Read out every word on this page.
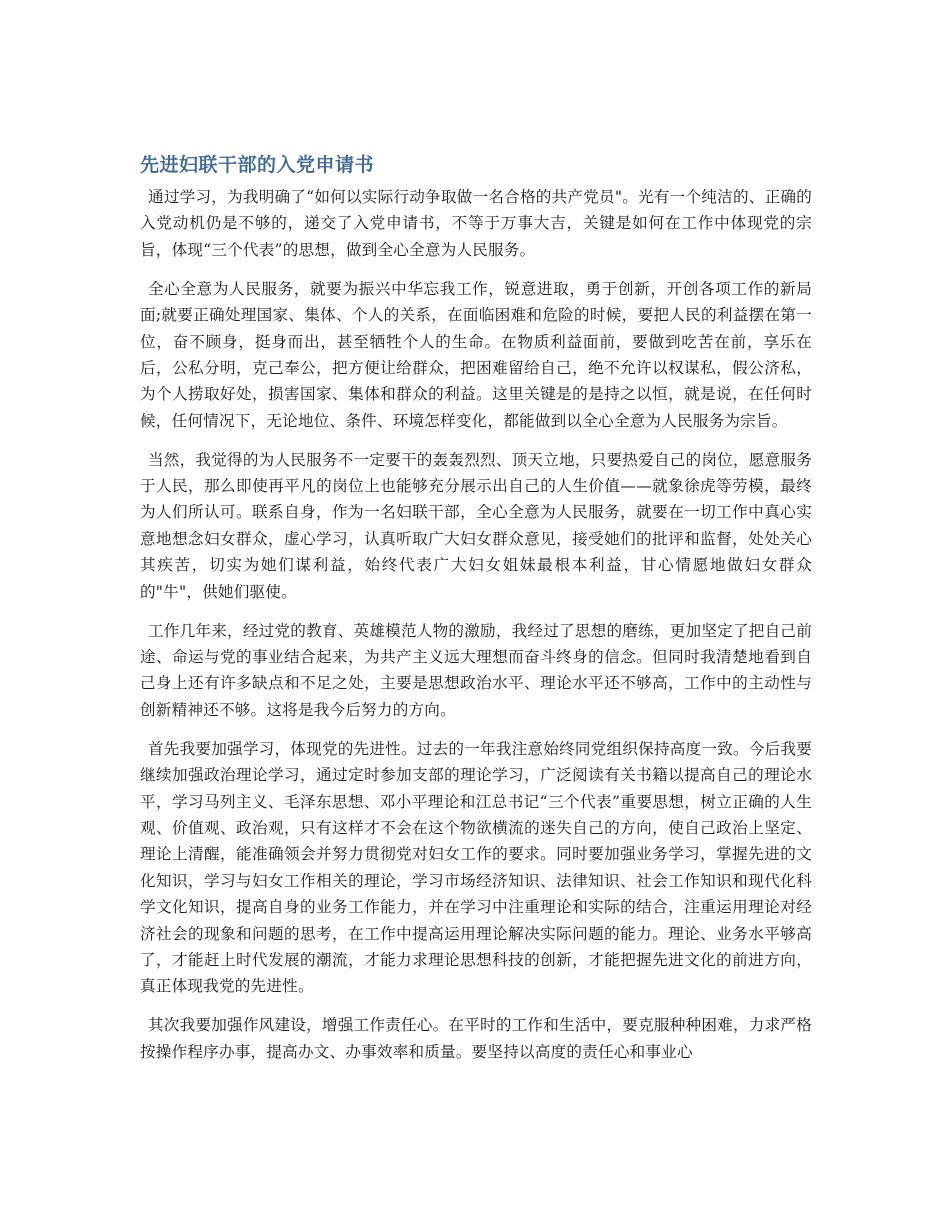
先进妇联干部的入党申请书

通过学习，为我明确了“如何以实际行动争取做一名合格的共产党员"。光有一个纯洁的、正确的入党动机仍是不够的，递交了入党申请书，不等于万事大吉，关键是如何在工作中体现党的宗旨，体现“三个代表”的思想，做到全心全意为人民服务。

全心全意为人民服务，就要为振兴中华忘我工作，锐意进取，勇于创新，开创各项工作的新局面;就要正确处理国家、集体、个人的关系，在面临困难和危险的时候，要把人民的利益摆在第一位，奋不顾身，挺身而出，甚至牺牲个人的生命。在物质利益面前，要做到吃苦在前，享乐在后，公私分明，克己奉公，把方便让给群众，把困难留给自己，绝不允许以权谋私，假公济私，为个人捞取好处，损害国家、集体和群众的利益。这里关键是的是持之以恒，就是说，在任何时候，任何情况下，无论地位、条件、环境怎样变化，都能做到以全心全意为人民服务为宗旨。

当然，我觉得的为人民服务不一定要干的轰轰烈烈、顶天立地，只要热爱自己的岗位，愿意服务于人民，那么即使再平凡的岗位上也能够充分展示出自己的人生价值——就象徐虎等劳模，最终为人们所认可。联系自身，作为一名妇联干部，全心全意为人民服务，就要在一切工作中真心实意地想念妇女群众，虚心学习，认真听取广大妇女群众意见，接受她们的批评和监督，处处关心其疾苦，切实为她们谋利益，始终代表广大妇女姐妹最根本利益，甘心情愿地做妇女群众的"牛"，供她们驱使。

工作几年来，经过党的教育、英雄模范人物的激励，我经过了思想的磨练，更加坚定了把自己前途、命运与党的事业结合起来，为共产主义远大理想而奋斗终身的信念。但同时我清楚地看到自己身上还有许多缺点和不足之处，主要是思想政治水平、理论水平还不够高，工作中的主动性与创新精神还不够。这将是我今后努力的方向。

首先我要加强学习，体现党的先进性。过去的一年我注意始终同党组织保持高度一致。今后我要继续加强政治理论学习，通过定时参加支部的理论学习，广泛阅读有关书籍以提高自己的理论水平，学习马列主义、毛泽东思想、邓小平理论和江总书记“三个代表”重要思想，树立正确的人生观、价值观、政治观，只有这样才不会在这个物欲横流的迷失自己的方向，使自己政治上坚定、理论上清醒，能准确领会并努力贯彻党对妇女工作的要求。同时要加强业务学习，掌握先进的文化知识，学习与妇女工作相关的理论，学习市场经济知识、法律知识、社会工作知识和现代化科学文化知识，提高自身的业务工作能力，并在学习中注重理论和实际的结合，注重运用理论对经济社会的现象和问题的思考，在工作中提高运用理论解决实际问题的能力。理论、业务水平够高了，才能赶上时代发展的潮流，才能力求理论思想科技的创新，才能把握先进文化的前进方向，真正体现我党的先进性。

其次我要加强作风建设，增强工作责任心。在平时的工作和生活中，要克服种种困难，力求严格按操作程序办事，提高办文、办事效率和质量。要坚持以高度的责任心和事业心
